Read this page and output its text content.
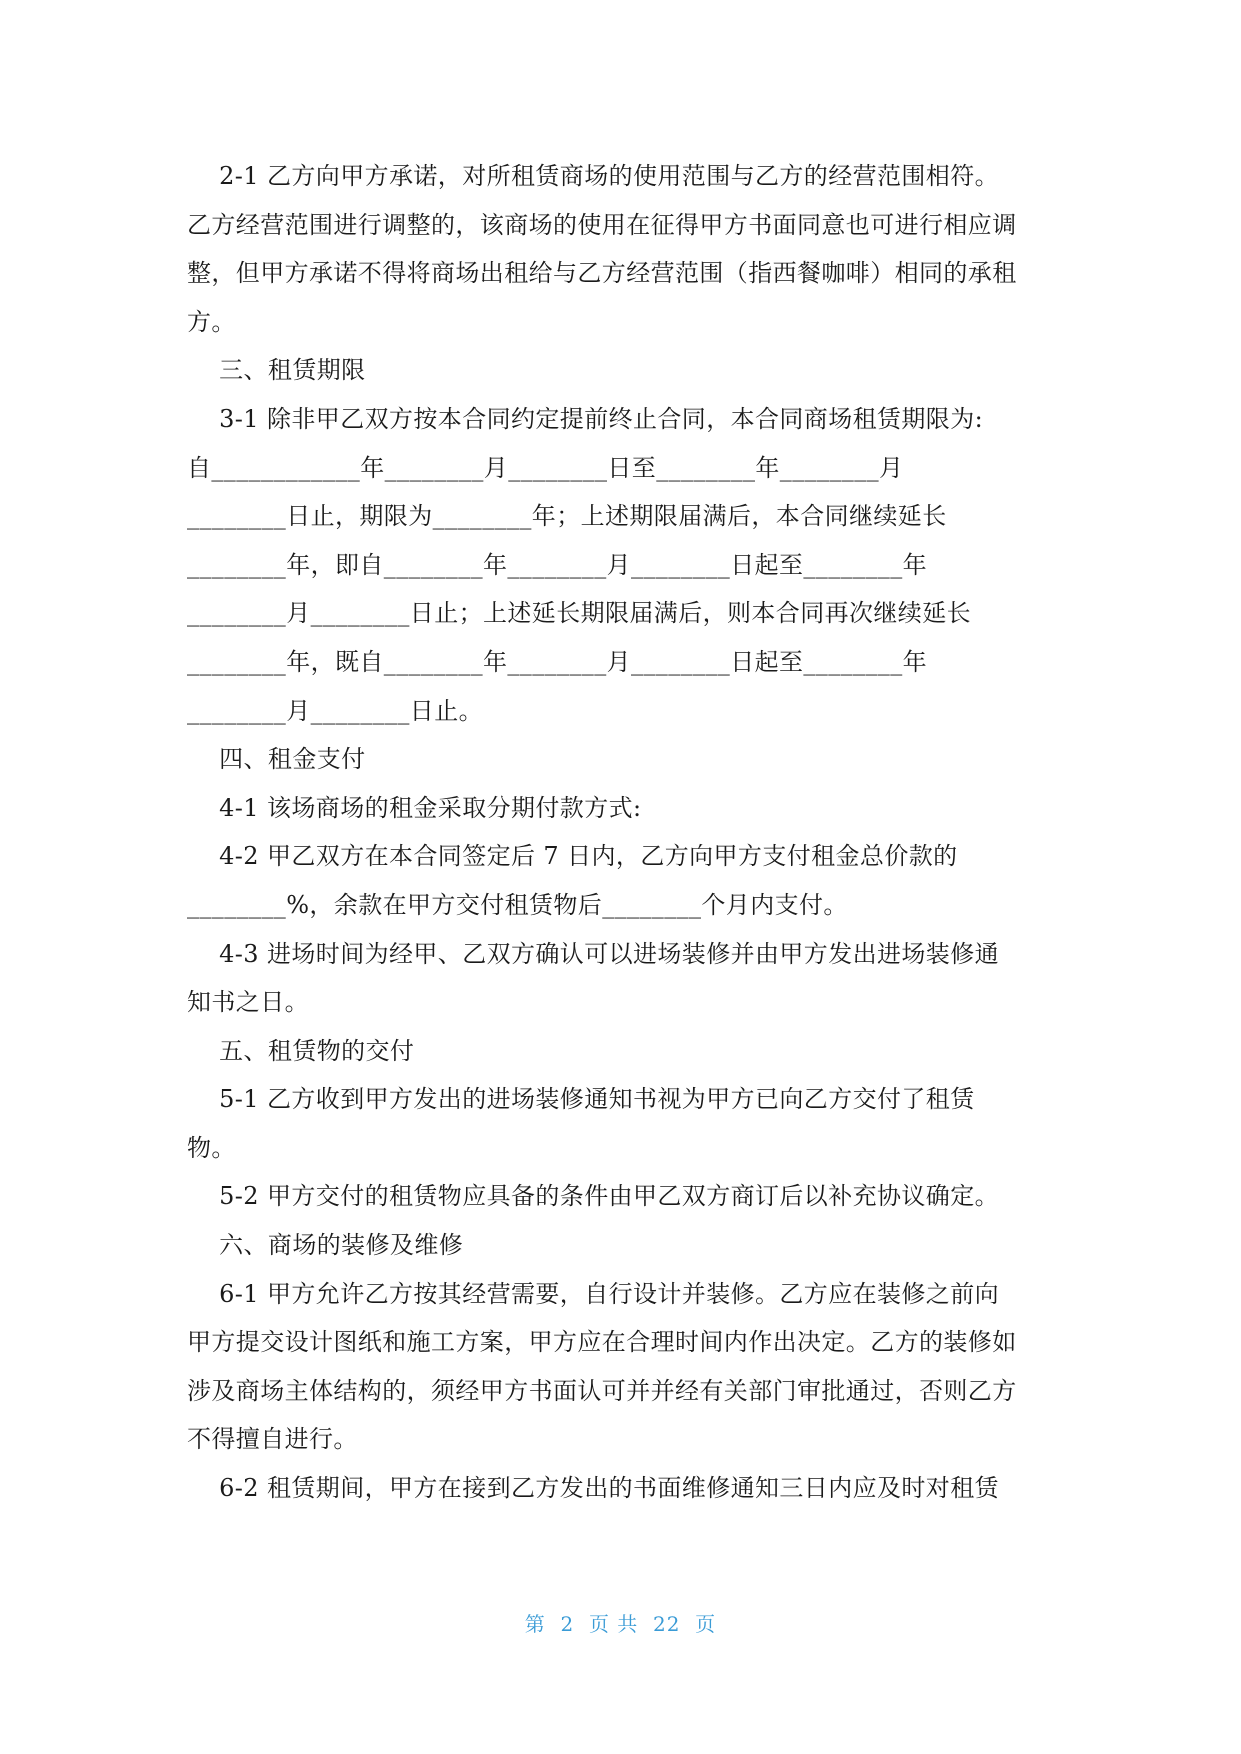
2-1 乙方向甲方承诺，对所租赁商场的使用范围与乙方的经营范围相符。
乙方经营范围进行调整的，该商场的使用在征得甲方书面同意也可进行相应调
整，但甲方承诺不得将商场出租给与乙方经营范围（指西餐咖啡）相同的承租
方。

三、租赁期限

3-1 除非甲乙双方按本合同约定提前终止合同，本合同商场租赁期限为:
自____________年________月________日至________年________月
________日止，期限为________年；上述期限届满后，本合同继续延长
________年，即自________年________月________日起至________年
________月________日止；上述延长期限届满后，则本合同再次继续延长
________年，既自________年________月________日起至________年
________月________日止。

四、租金支付

4-1 该场商场的租金采取分期付款方式:

4-2 甲乙双方在本合同签定后 7 日内，乙方向甲方支付租金总价款的
________%，余款在甲方交付租赁物后________个月内支付。

4-3 进场时间为经甲、乙双方确认可以进场装修并由甲方发出进场装修通
知书之日。

五、租赁物的交付

5-1 乙方收到甲方发出的进场装修通知书视为甲方已向乙方交付了租赁
物。

5-2 甲方交付的租赁物应具备的条件由甲乙双方商订后以补充协议确定。

六、商场的装修及维修

6-1 甲方允许乙方按其经营需要，自行设计并装修。乙方应在装修之前向
甲方提交设计图纸和施工方案，甲方应在合理时间内作出决定。乙方的装修如
涉及商场主体结构的，须经甲方书面认可并并经有关部门审批通过，否则乙方
不得擅自进行。

6-2 租赁期间，甲方在接到乙方发出的书面维修通知三日内应及时对租赁

第  2  页 共  22  页
